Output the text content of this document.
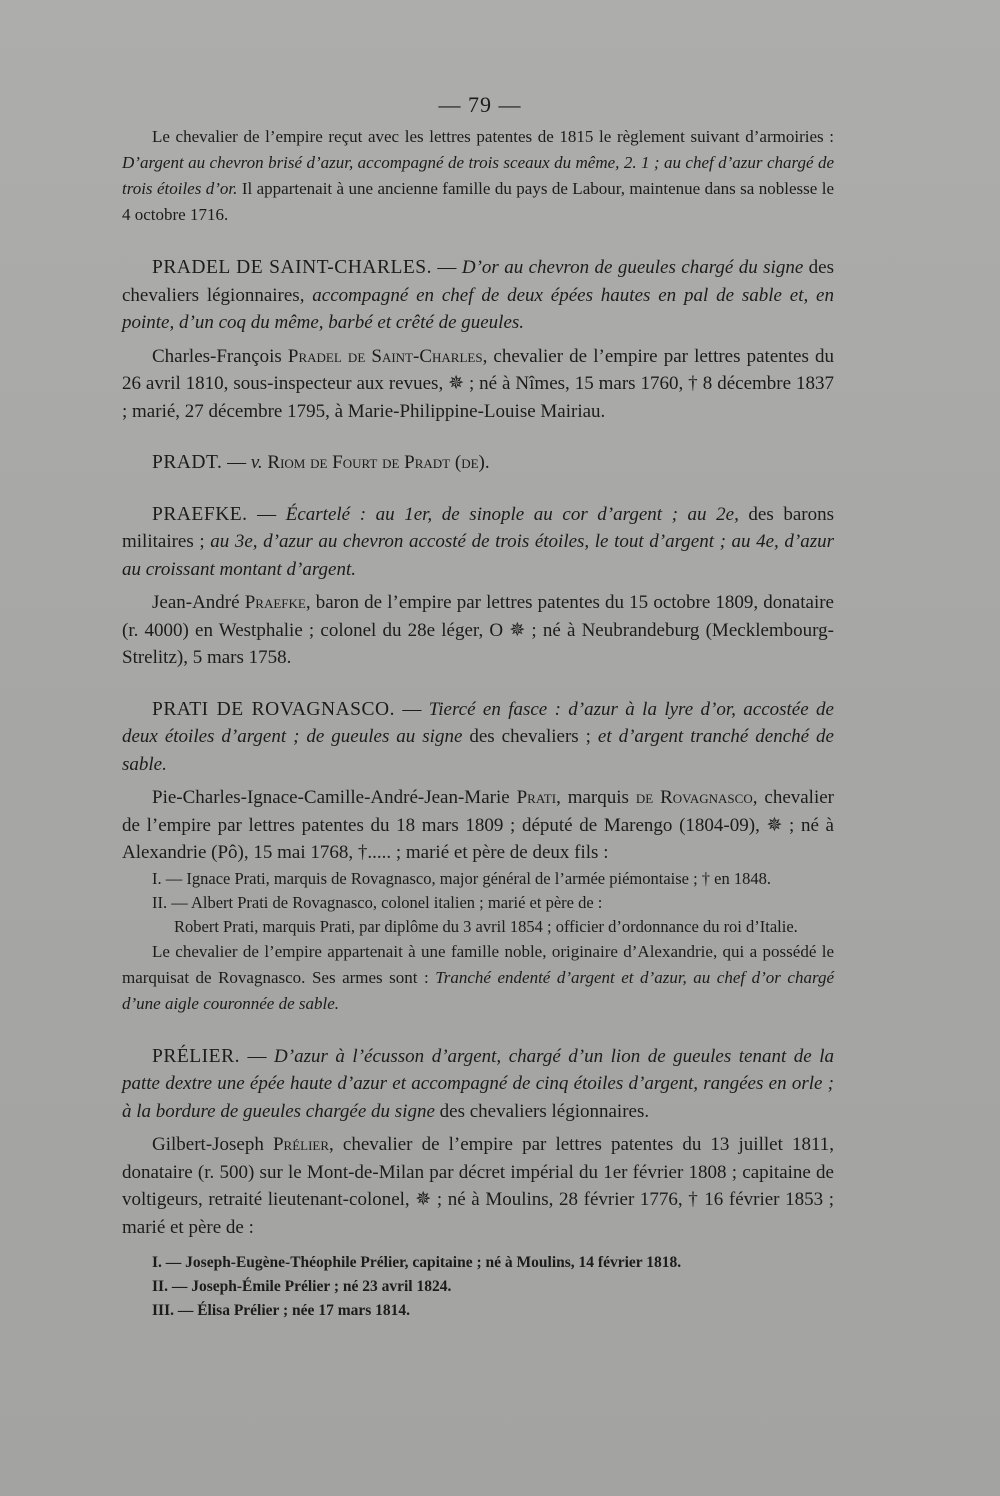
— 79 —

Le chevalier de l’empire reçut avec les lettres patentes de 1815 le règlement suivant d’armoiries : D’argent au chevron brisé d’azur, accompagné de trois sceaux du même, 2. 1 ; au chef d’azur chargé de trois étoiles d’or. Il appartenait à une ancienne famille du pays de Labour, maintenue dans sa noblesse le 4 octobre 1716.

PRADEL DE SAINT-CHARLES. — D’or au chevron de gueules chargé du signe des chevaliers légionnaires, accompagné en chef de deux épées hautes en pal de sable et, en pointe, d’un coq du même, barbé et crêté de gueules.

Charles-François Pradel de Saint-Charles, chevalier de l’empire par lettres patentes du 26 avril 1810, sous-inspecteur aux revues, ✵ ; né à Nîmes, 15 mars 1760, † 8 décembre 1837 ; marié, 27 décembre 1795, à Marie-Philippine-Louise Mairiau.

PRADT. — v. Riom de Fourt de Pradt (de).

PRAEFKE. — Écartelé : au 1er, de sinople au cor d’argent ; au 2e, des barons militaires ; au 3e, d’azur au chevron accosté de trois étoiles, le tout d’argent ; au 4e, d’azur au croissant montant d’argent.

Jean-André Praefke, baron de l’empire par lettres patentes du 15 octobre 1809, donataire (r. 4000) en Westphalie ; colonel du 28e léger, O ✵ ; né à Neubrandeburg (Mecklembourg-Strelitz), 5 mars 1758.

PRATI DE ROVAGNASCO. — Tiercé en fasce : d’azur à la lyre d’or, accostée de deux étoiles d’argent ; de gueules au signe des chevaliers ; et d’argent tranché denché de sable.

Pie-Charles-Ignace-Camille-André-Jean-Marie Prati, marquis de Rovagnasco, chevalier de l’empire par lettres patentes du 18 mars 1809 ; député de Marengo (1804-09), ✵ ; né à Alexandrie (Pô), 15 mai 1768, †..... ; marié et père de deux fils :

I. — Ignace Prati, marquis de Rovagnasco, major général de l’armée piémontaise ; † en 1848.

II. — Albert Prati de Rovagnasco, colonel italien ; marié et père de :

Robert Prati, marquis Prati, par diplôme du 3 avril 1854 ; officier d’ordonnance du roi d’Italie.

Le chevalier de l’empire appartenait à une famille noble, originaire d’Alexandrie, qui a possédé le marquisat de Rovagnasco. Ses armes sont : Tranché endenté d’argent et d’azur, au chef d’or chargé d’une aigle couronnée de sable.

PRÉLIER. — D’azur à l’écusson d’argent, chargé d’un lion de gueules tenant de la patte dextre une épée haute d’azur et accompagné de cinq étoiles d’argent, rangées en orle ; à la bordure de gueules chargée du signe des chevaliers légionnaires.

Gilbert-Joseph Prélier, chevalier de l’empire par lettres patentes du 13 juillet 1811, donataire (r. 500) sur le Mont-de-Milan par décret impérial du 1er février 1808 ; capitaine de voltigeurs, retraité lieutenant-colonel, ✵ ; né à Moulins, 28 février 1776, † 16 février 1853 ; marié et père de :

I. — Joseph-Eugène-Théophile Prélier, capitaine ; né à Moulins, 14 février 1818.

II. — Joseph-Émile Prélier ; né 23 avril 1824.

III. — Élisa Prélier ; née 17 mars 1814.
